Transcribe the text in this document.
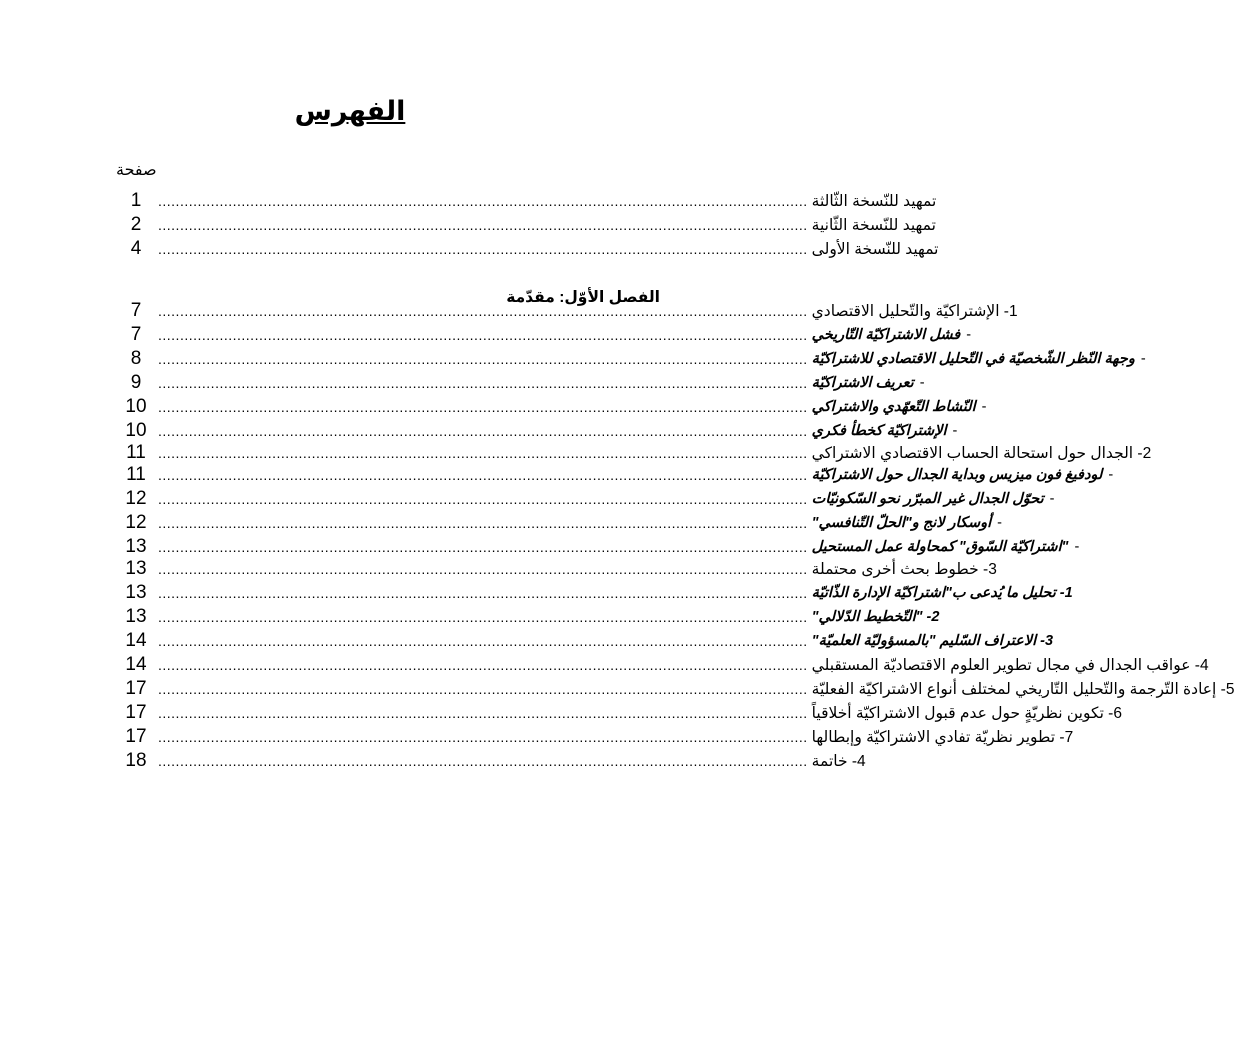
الفهرس
صفحة
الفصل الأوّل: مقدّمة
1	.................................................................................................................................................... تمهيد للنّسخة الثّالثة
2	.................................................................................................................................................... تمهيد للنّسخة الثّانية
4	.................................................................................................................................................... تمهيد للنّسخة الأولى
7	.................................................................................................................................................... 1- الإشتراكيّة والتّحليل الاقتصادي
7	....................................................................................................................................................	-فشل الاشتراكيّة التّاريخي
8	....................................................................................................................................................	-وجهة النّظر الشّخصيّة في التّحليل الاقتصادي للاشتراكيّة
9	....................................................................................................................................................	-تعريف الاشتراكيّة
10 ....................................................................................................................................................	-النّشاط التّعهّدي والاشتراكي
10 ....................................................................................................................................................	-الإشتراكيّة كخطأ فكري
11 .................................................................................................................................................... 2- الجدال حول استحالة الحساب الاقتصادي الاشتراكي
11 ....................................................................................................................................................	-لودفيغ فون ميزيس وبداية الجدال حول الاشتراكيّة
12 ....................................................................................................................................................	-تحوّل الجدال غير المبرّر نحو السّكونيّات
12 ....................................................................................................................................................	-أوسكار لانج و"الحلّ التّنافسي"
13 ....................................................................................................................................................	-"اشتراكيّة السّوق" كمحاولة عمل المستحيل
13 .................................................................................................................................................... 3- خطوط بحث أخرى محتملة
13 .................................................................................................................................................... 1- تحليل ما يُدعى ب"اشتراكيّة الإدارة الذّاتيّة
13 .................................................................................................................................................... 2- "التّخطيط الدّلالي"
14 .................................................................................................................................................... 3- الاعتراف السّليم "بالمسؤوليّة العلميّة"
14 .................................................................................................................................................... 4- عواقب الجدال في مجال تطوير العلوم الاقتصاديّة المستقبلي
17 .................................................................................................................................................... 5- إعادة التّرجمة والتّحليل التّاريخي لمختلف أنواع الاشتراكيّة الفعليّة
17 .................................................................................................................................................... 6- تكوين نظريّةٍ حول عدم قبول الاشتراكيّة أخلاقياً
17 .................................................................................................................................................... 7- تطوير نظريّة تفادي الاشتراكيّة وإبطالها
18 .................................................................................................................................................... 4- خاتمة
